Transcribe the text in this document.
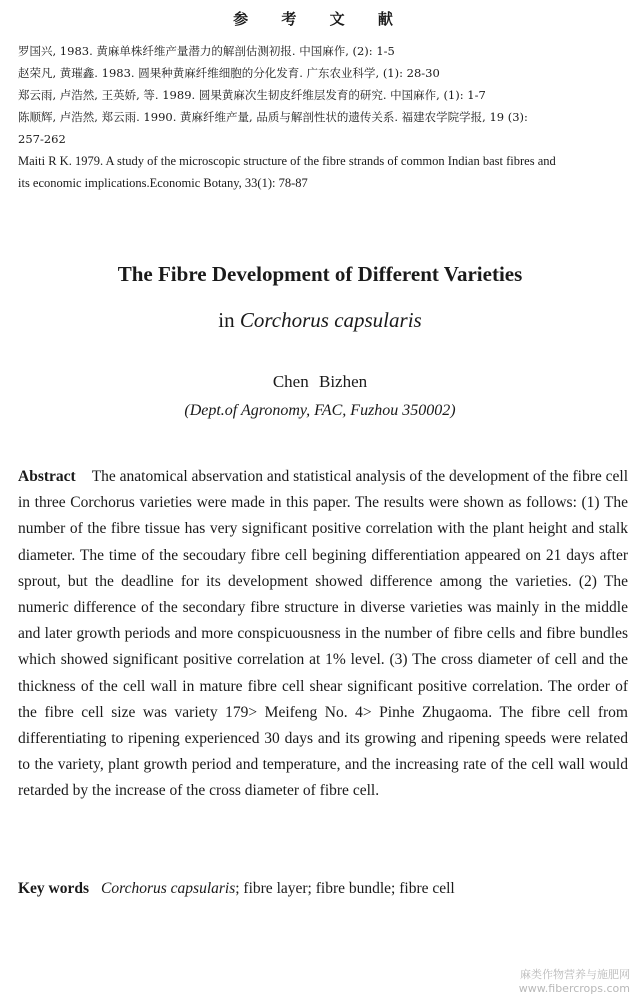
参 考 文 献

罗国兴, 1983. 黄麻单株纤维产量潜力的解剖估测初报. 中国麻作, (2): 1-5

赵荣凡, 黄璀鑫. 1983. 圆果种黄麻纤维细胞的分化发育. 广东农业科学, (1): 28-30

郑云雨, 卢浩然, 王英娇, 等. 1989. 圆果黄麻次生韧皮纤维层发育的研究. 中国麻作, (1): 1-7

陈顺辉, 卢浩然, 郑云雨. 1990. 黄麻纤维产量, 品质与解剖性状的遗传关系. 福建农学院学报, 19 (3):

257-262

Maiti R K. 1979. A study of the microscopic structure of the fibre strands of common Indian bast fibres and

its economic implications.Economic Botany, 33(1): 78-87

The Fibre Development of Different Varieties
in Corchorus capsularis
Chen Bizhen
(Dept.of Agronomy, FAC, Fuzhou 350002)

Abstract The anatomical abservation and statistical analysis of the development of the fibre cell in three Corchorus varieties were made in this paper. The results were shown as follows: (1) The number of the fibre tissue has very significant positive correlation with the plant height and stalk diameter. The time of the secoudary fibre cell begining differentiation appeared on 21 days after sprout, but the deadline for its development showed difference among the varieties. (2) The numeric difference of the secondary fibre structure in diverse varieties was mainly in the middle and later growth periods and more conspicuousness in the number of fibre cells and fibre bundles which showed significant positive correlation at 1% level. (3) The cross diameter of cell and the thickness of the cell wall in mature fibre cell shear significant positive correlation. The order of the fibre cell size was variety 179> Meifeng No. 4> Pinhe Zhugaoma. The fibre cell from differentiating to ripening experienced 30 days and its growing and ripening speeds were related to the variety, plant growth period and temperature, and the increasing rate of the cell wall would retarded by the increase of the cross diameter of fibre cell.

Key words Corchorus capsularis; fibre layer; fibre bundle; fibre cell
麻类作物营养与施肥网
www.fibercrops.com
